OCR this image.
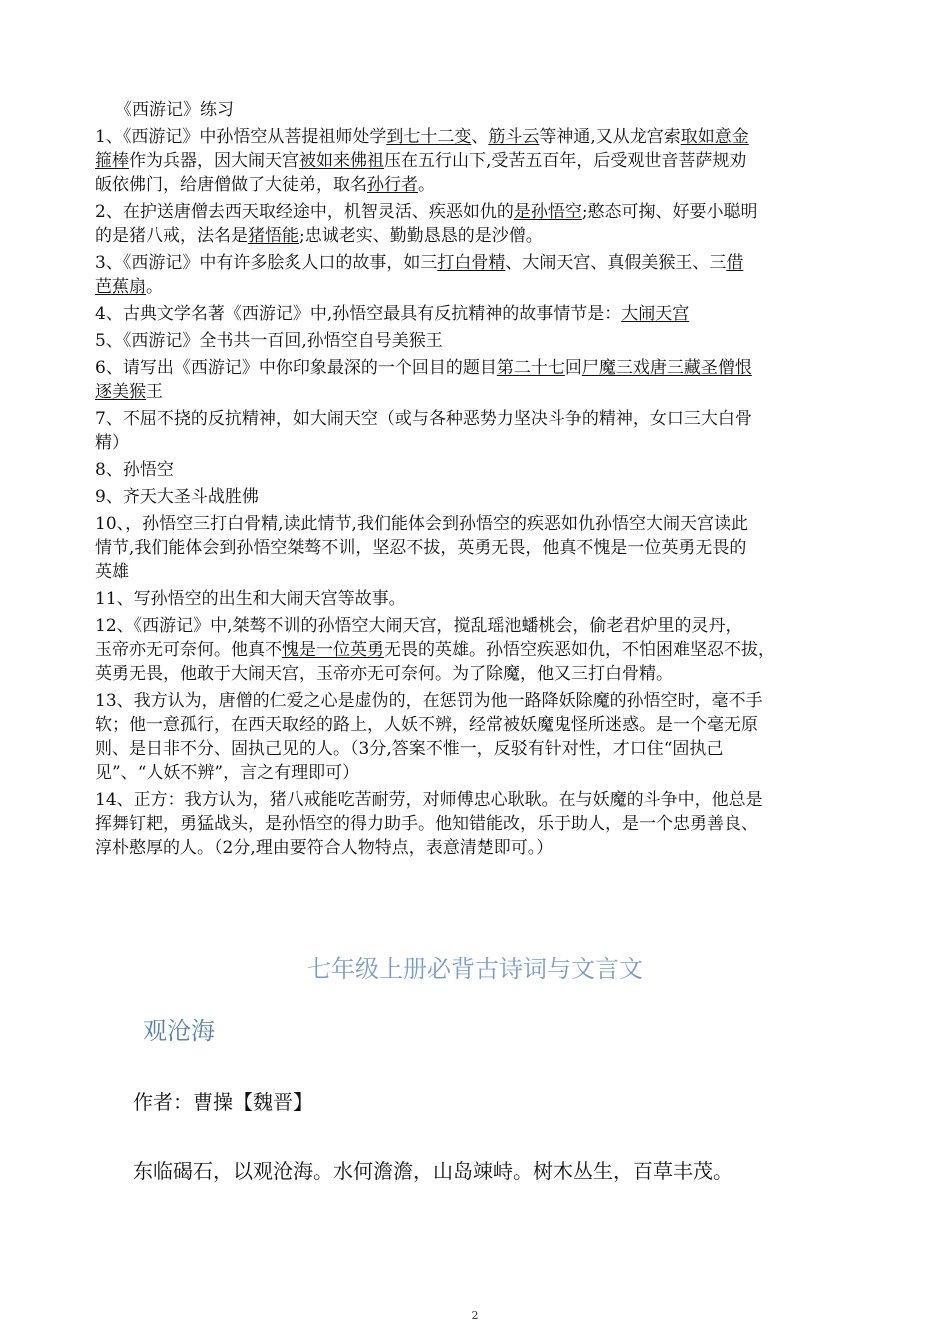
《西游记》练习
1、《西游记》中孙悟空从菩提祖师处学到七十二变、筋斗云等神通,又从龙宫索取如意金
箍棒作为兵器，因大闹天宫被如来佛祖压在五行山下,受苦五百年，后受观世音菩萨规劝
皈依佛门，给唐僧做了大徒弟，取名孙行者。
2、在护送唐僧去西天取经途中，机智灵活、疾恶如仇的是孙悟空;憨态可掬、好要小聪明
的是猪八戒，法名是猪悟能;忠诚老实、勤勤恳恳的是沙僧。
3、《西游记》中有许多脍炙人口的故事，如三打白骨精、大闹天宫、真假美猴王、三借
芭蕉扇。
4、古典文学名著《西游记》中,孙悟空最具有反抗精神的故事情节是：大闹天宫
5、《西游记》全书共一百回,孙悟空自号美猴王
6、请写出《西游记》中你印象最深的一个回目的题目第二十七回尸魔三戏唐三藏圣僧恨
逐美猴王
7、不屈不挠的反抗精神，如大闹天空（或与各种恶势力坚决斗争的精神，女口三大白骨
精）
8、孙悟空
9、齐天大圣斗战胜佛
10、，孙悟空三打白骨精,读此情节,我们能体会到孙悟空的疾恶如仇孙悟空大闹天宫读此
情节,我们能体会到孙悟空桀骜不训，坚忍不拔，英勇无畏，他真不愧是一位英勇无畏的
英雄
11、写孙悟空的出生和大闹天宫等故事。
12、《西游记》中,桀骜不训的孙悟空大闹天宫，搅乱瑶池蟠桃会，偷老君炉里的灵丹，
玉帝亦无可奈何。他真不愧是一位英勇无畏的英雄。孙悟空疾恶如仇，不怕困难坚忍不拔，
英勇无畏，他敢于大闹天宫，玉帝亦无可奈何。为了除魔，他又三打白骨精。
13、我方认为，唐僧的仁爱之心是虚伪的，在惩罚为他一路降妖除魔的孙悟空时，毫不手
软；他一意孤行，在西天取经的路上，人妖不辨，经常被妖魔鬼怪所迷惑。是一个毫无原
则、是日非不分、固执己见的人。（3分,答案不惟一，反驳有针对性，才口住“固执己
见”、“人妖不辨”，言之有理即可）
14、正方：我方认为，猪八戒能吃苦耐劳，对师傅忠心耿耿。在与妖魔的斗争中，他总是
挥舞钉耙，勇猛战头，是孙悟空的得力助手。他知错能改，乐于助人，是一个忠勇善良、
淳朴憨厚的人。（2分,理由要符合人物特点，表意清楚即可。）
七年级上册必背古诗词与文言文
观沧海
作者：曹操【魏晋】
东临碣石，以观沧海。水何澹澹，山岛竦峙。树木丛生，百草丰茂。
2
